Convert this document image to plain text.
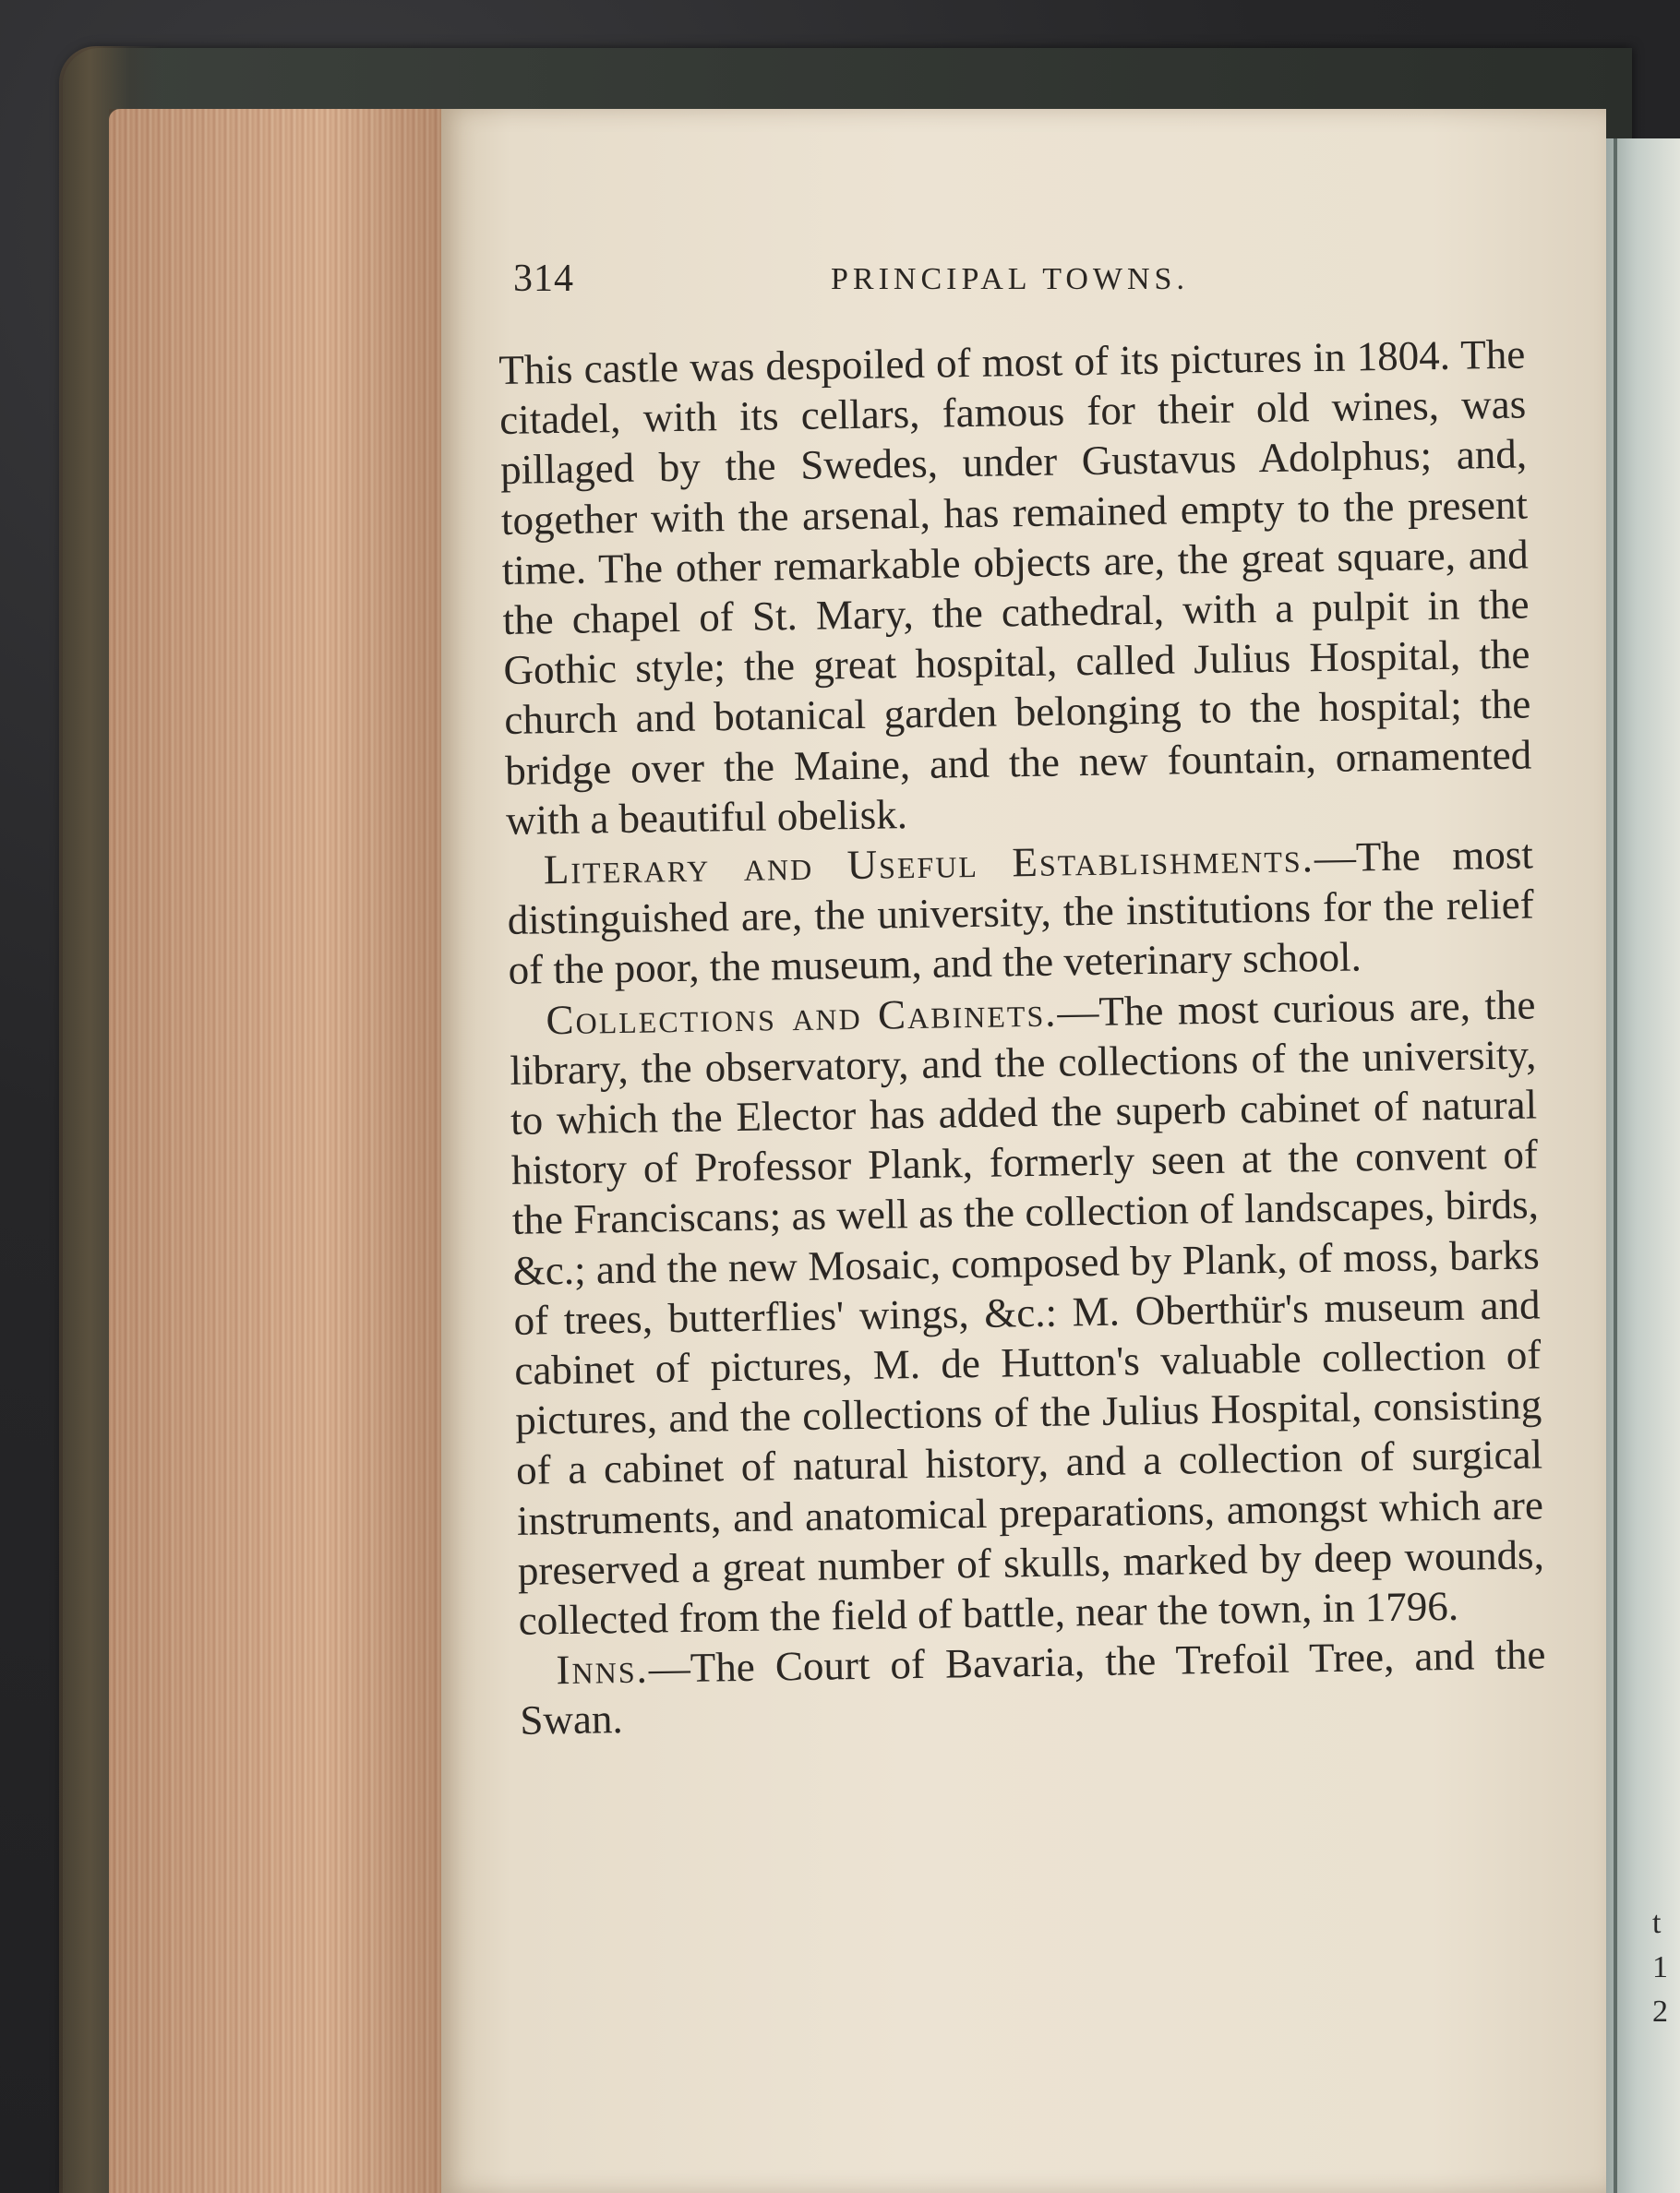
t
1
2
314	PRINCIPAL TOWNS.

This castle was despoiled of most of its pictures in 1804. The citadel, with its cellars, famous for their old wines, was pillaged by the Swedes, under Gustavus Adolphus; and, together with the arsenal, has remained empty to the present time. The other remarkable objects are, the great square, and the chapel of St. Mary, the cathedral, with a pulpit in the Gothic style; the great hospital, called Julius Hospital, the church and botanical garden belonging to the hospital; the bridge over the Maine, and the new fountain, ornamented with a beautiful obelisk.

Literary and Useful Establishments.—The most distinguished are, the university, the institutions for the relief of the poor, the museum, and the veterinary school.

Collections and Cabinets.—The most curious are, the library, the observatory, and the collections of the university, to which the Elector has added the superb cabinet of natural history of Professor Plank, formerly seen at the convent of the Franciscans; as well as the collection of landscapes, birds, &c.; and the new Mosaic, composed by Plank, of moss, barks of trees, butterflies' wings, &c.: M. Oberthür's museum and cabinet of pictures, M. de Hutton's valuable collection of pictures, and the collections of the Julius Hospital, consisting of a cabinet of natural history, and a collection of surgical instruments, and anatomical preparations, amongst which are preserved a great number of skulls, marked by deep wounds, collected from the field of battle, near the town, in 1796.

Inns.—The Court of Bavaria, the Trefoil Tree, and the Swan.
